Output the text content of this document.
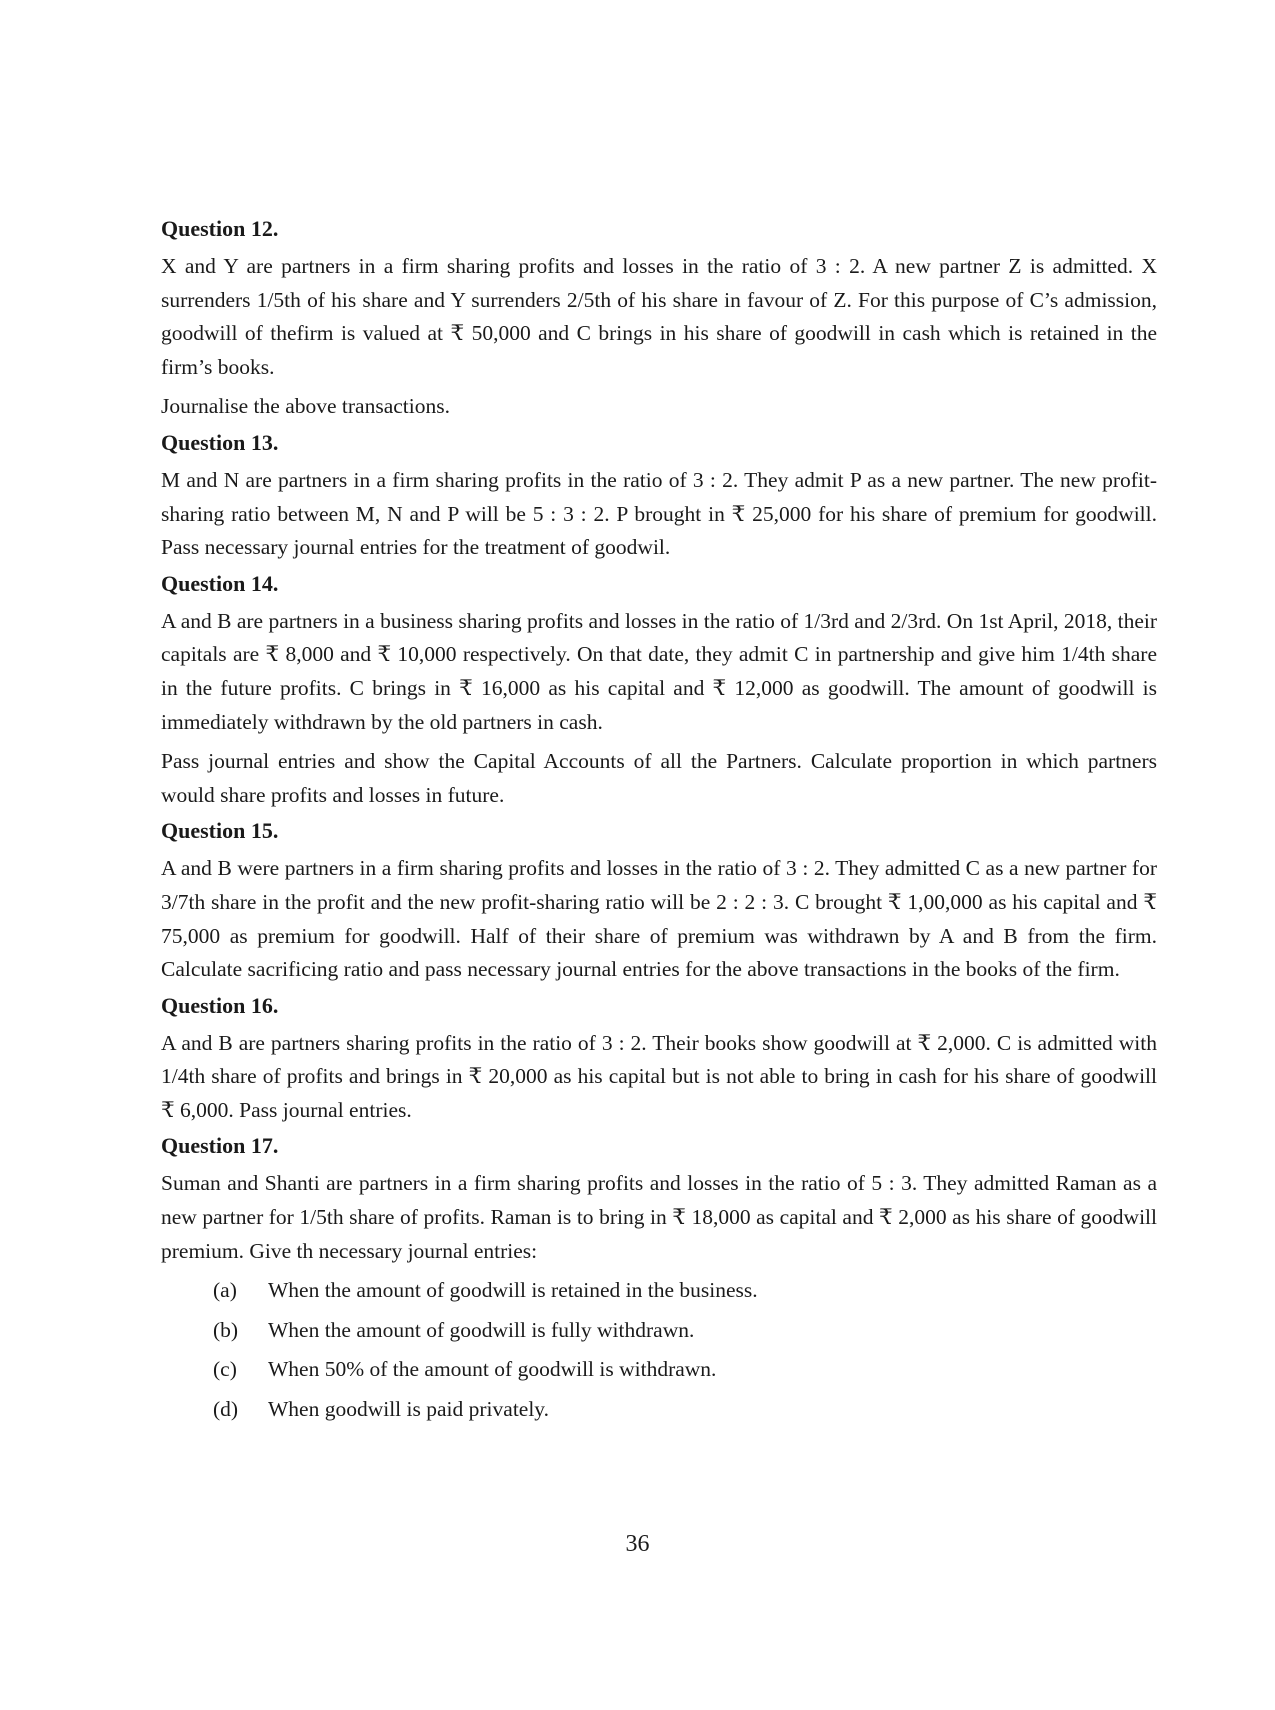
Question 12.

X and Y are partners in a firm sharing profits and losses in the ratio of 3 : 2. A new partner Z is admitted. X surrenders 1/5th of his share and Y surrenders 2/5th of his share in favour of Z. For this purpose of C’s admission, goodwill of thefirm is valued at ₹ 50,000 and C brings in his share of goodwill in cash which is retained in the firm’s books.

Journalise the above transactions.

Question 13.

M and N are partners in a firm sharing profits in the ratio of 3 : 2. They admit P as a new partner. The new profit-sharing ratio between M, N and P will be 5 : 3 : 2. P brought in ₹ 25,000 for his share of premium for goodwill. Pass necessary journal entries for the treatment of goodwil.

Question 14.

A and B are partners in a business sharing profits and losses in the ratio of 1/3rd and 2/3rd. On 1st April, 2018, their capitals are ₹ 8,000 and ₹ 10,000 respectively. On that date, they admit C in partnership and give him 1/4th share in the future profits. C brings in ₹ 16,000 as his capital and ₹ 12,000 as goodwill. The amount of goodwill is immediately withdrawn by the old partners in cash.

Pass journal entries and show the Capital Accounts of all the Partners. Calculate proportion in which partners would share profits and losses in future.

Question 15.

A and B were partners in a firm sharing profits and losses in the ratio of 3 : 2. They admitted C as a new partner for 3/7th share in the profit and the new profit-sharing ratio will be 2 : 2 : 3. C brought ₹ 1,00,000 as his capital and ₹ 75,000 as premium for goodwill. Half of their share of premium was withdrawn by A and B from the firm. Calculate sacrificing ratio and pass necessary journal entries for the above transactions in the books of the firm.

Question 16.

A and B are partners sharing profits in the ratio of 3 : 2. Their books show goodwill at ₹ 2,000. C is admitted with 1/4th share of profits and brings in ₹ 20,000 as his capital but is not able to bring in cash for his share of goodwill ₹ 6,000. Pass journal entries.

Question 17.

Suman and Shanti are partners in a firm sharing profits and losses in the ratio of 5 : 3. They admitted Raman as a new partner for 1/5th share of profits. Raman is to bring in ₹ 18,000 as capital and ₹ 2,000 as his share of goodwill premium. Give th necessary journal entries:

(a)	When the amount of goodwill is retained in the business.
(b)	When the amount of goodwill is fully withdrawn.
(c)	When 50% of the amount of goodwill is withdrawn.
(d)	When goodwill is paid privately.
36
